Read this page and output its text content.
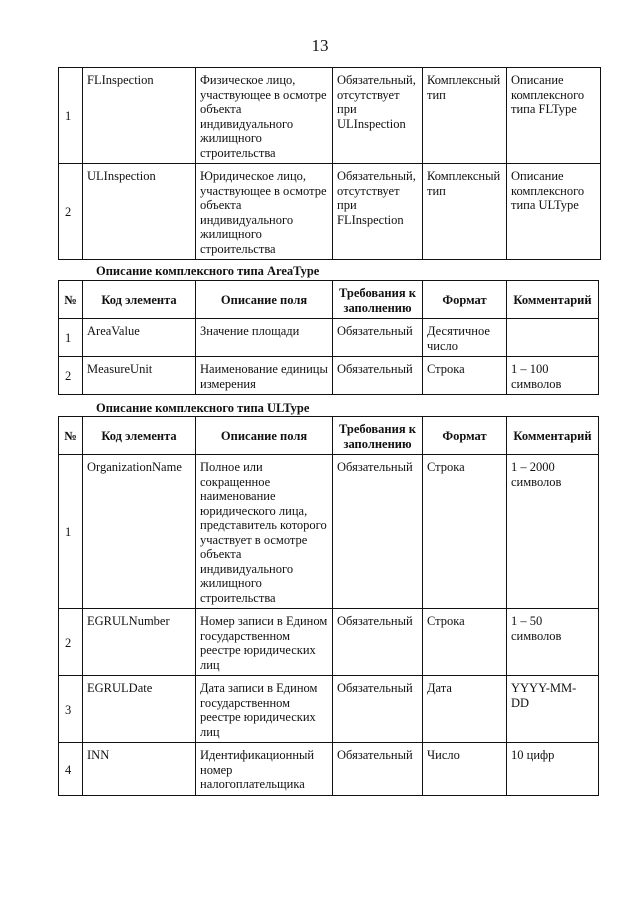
13
1	FLInspection	Физическое лицо, участвующее в осмотре объекта индивидуального жилищного строительства	Обязательный, отсутствует при ULInspection	Комплексный тип	Описание комплексного типа FLType
2	ULInspection	Юридическое лицо, участвующее в осмотре объекта индивидуального жилищного строительства	Обязательный, отсутствует при FLInspection	Комплексный тип	Описание комплексного типа ULType
Описание комплексного типа AreaType
№	Код элемента	Описание поля	Требования к заполнению	Формат	Комментарий
1	AreaValue	Значение площади	Обязательный	Десятичное число	
2	MeasureUnit	Наименование единицы измерения	Обязательный	Строка	1 – 100 символов
Описание комплексного типа ULType
№	Код элемента	Описание поля	Требования к заполнению	Формат	Комментарий
1	OrganizationName	Полное или сокращенное наименование юридического лица, представитель которого участвует в осмотре объекта индивидуального жилищного строительства	Обязательный	Строка	1 – 2000 символов
2	EGRULNumber	Номер записи в Едином государственном реестре юридических лиц	Обязательный	Строка	1 – 50 символов
3	EGRULDate	Дата записи в Едином государственном реестре юридических лиц	Обязательный	Дата	YYYY-MM-DD
4	INN	Идентификационный номер налогоплательщика	Обязательный	Число	10 цифр
